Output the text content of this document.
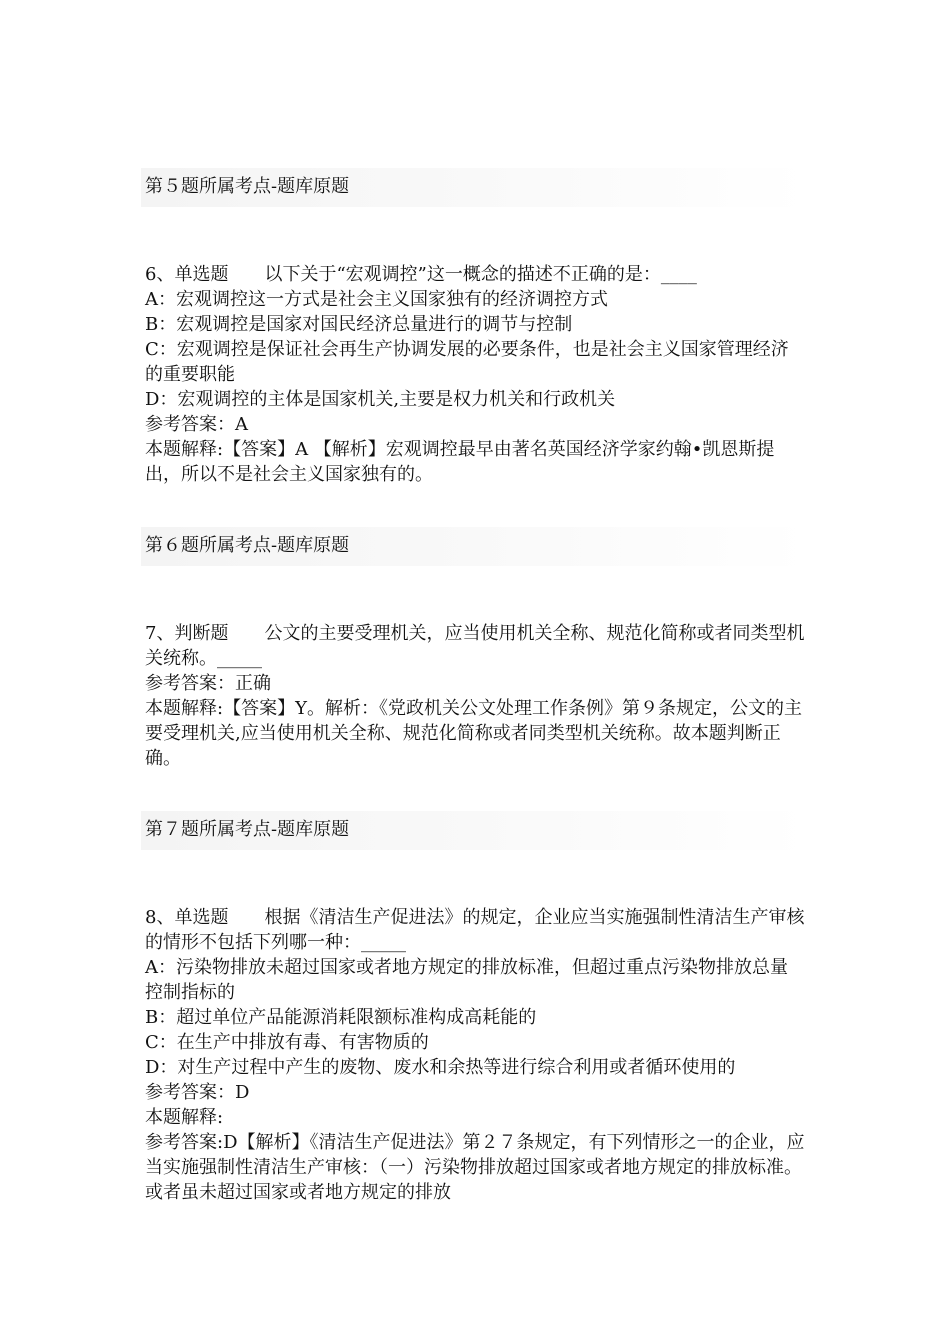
第５题所属考点-题库原题

6、单选题　　以下关于“宏观调控”这一概念的描述不正确的是：____

A：宏观调控这一方式是社会主义国家独有的经济调控方式

B：宏观调控是国家对国民经济总量进行的调节与控制

C：宏观调控是保证社会再生产协调发展的必要条件，也是社会主义国家管理经济的重要职能

D：宏观调控的主体是国家机关,主要是权力机关和行政机关

参考答案：A

本题解释:【答案】A 【解析】宏观调控最早由著名英国经济学家约翰•凯恩斯提出，所以不是社会主义国家独有的。

第６题所属考点-题库原题

7、判断题　　公文的主要受理机关，应当使用机关全称、规范化简称或者同类型机关统称。_____

参考答案：正确

本题解释:【答案】Y。解析：《党政机关公文处理工作条例》第９条规定，公文的主要受理机关,应当使用机关全称、规范化简称或者同类型机关统称。故本题判断正确。

第７题所属考点-题库原题

8、单选题　　根据《清洁生产促进法》的规定，企业应当实施强制性清洁生产审核的情形不包括下列哪一种：_____

A：污染物排放未超过国家或者地方规定的排放标准，但超过重点污染物排放总量控制指标的

B：超过单位产品能源消耗限额标准构成高耗能的

C：在生产中排放有毒、有害物质的

D：对生产过程中产生的废物、废水和余热等进行综合利用或者循环使用的

参考答案：D

本题解释:

参考答案:D【解析】《清洁生产促进法》第２７条规定，有下列情形之一的企业，应当实施强制性清洁生产审核：（一）污染物排放超过国家或者地方规定的排放标准。或者虽未超过国家或者地方规定的排放
